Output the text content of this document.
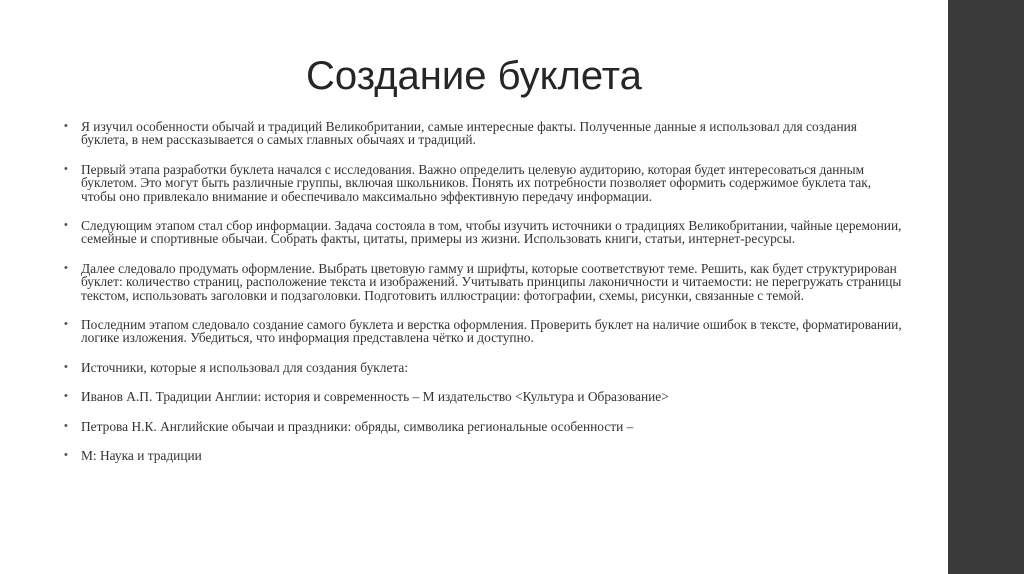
Создание буклета
• Я изучил особенности обычай и традиций Великобритании, самые интересные факты. Полученные данные я использовал для создания буклета, в нем рассказывается о самых главных обычаях и традиций.
• Первый этапа разработки буклета начался с исследования. Важно определить целевую аудиторию, которая будет интересоваться данным буклетом. Это могут быть различные группы, включая школьников. Понять их потребности позволяет оформить содержимое буклета так, чтобы оно привлекало внимание и обеспечивало максимально эффективную передачу информации.
• Следующим этапом стал сбор информации. Задача состояла в том, чтобы изучить источники о традициях Великобритании, чайные церемонии, семейные и спортивные обычаи. Собрать факты, цитаты, примеры из жизни. Использовать книги, статьи, интернет-ресурсы.
• Далее следовало продумать оформление. Выбрать цветовую гамму и шрифты, которые соответствуют теме. Решить, как будет структурирован буклет: количество страниц, расположение текста и изображений. Учитывать принципы лаконичности и читаемости: не перегружать страницы текстом, использовать заголовки и подзаголовки. Подготовить иллюстрации: фотографии, схемы, рисунки, связанные с темой.
• Последним этапом следовало создание самого буклета и верстка оформления. Проверить буклет на наличие ошибок в тексте, форматировании, логике изложения. Убедиться, что информация представлена чётко и доступно.
• Источники, которые я использовал для создания буклета:
• Иванов А.П. Традиции Англии: история и современность – М издательство <Культура и Образование>
• Петрова Н.К. Английские обычаи и праздники: обряды, символика региональные особенности –
• М: Наука и традиции
